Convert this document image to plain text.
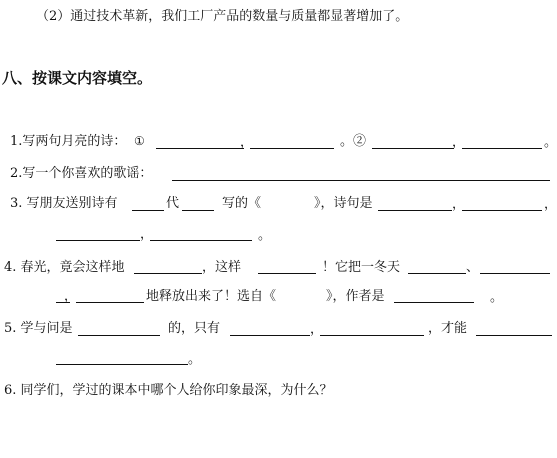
（2）通过技术革新，我们工厂产品的数量与质量都显著增加了。
八、按课文内容填空。
1.写两句月亮的诗： ①	，	。②	，	。
2.写一个你喜欢的歌谣：
3. 写朋友送别诗有	代	写的《	》，诗句是	，	，
，	。
4. 春光，竟会这样地	，这样	！它把一冬天	、
，	地释放出来了！选自《	》，作者是	。
5. 学与问是	的，只有	，	，才能
。
6. 同学们，学过的课本中哪个人给你印象最深，为什么？
